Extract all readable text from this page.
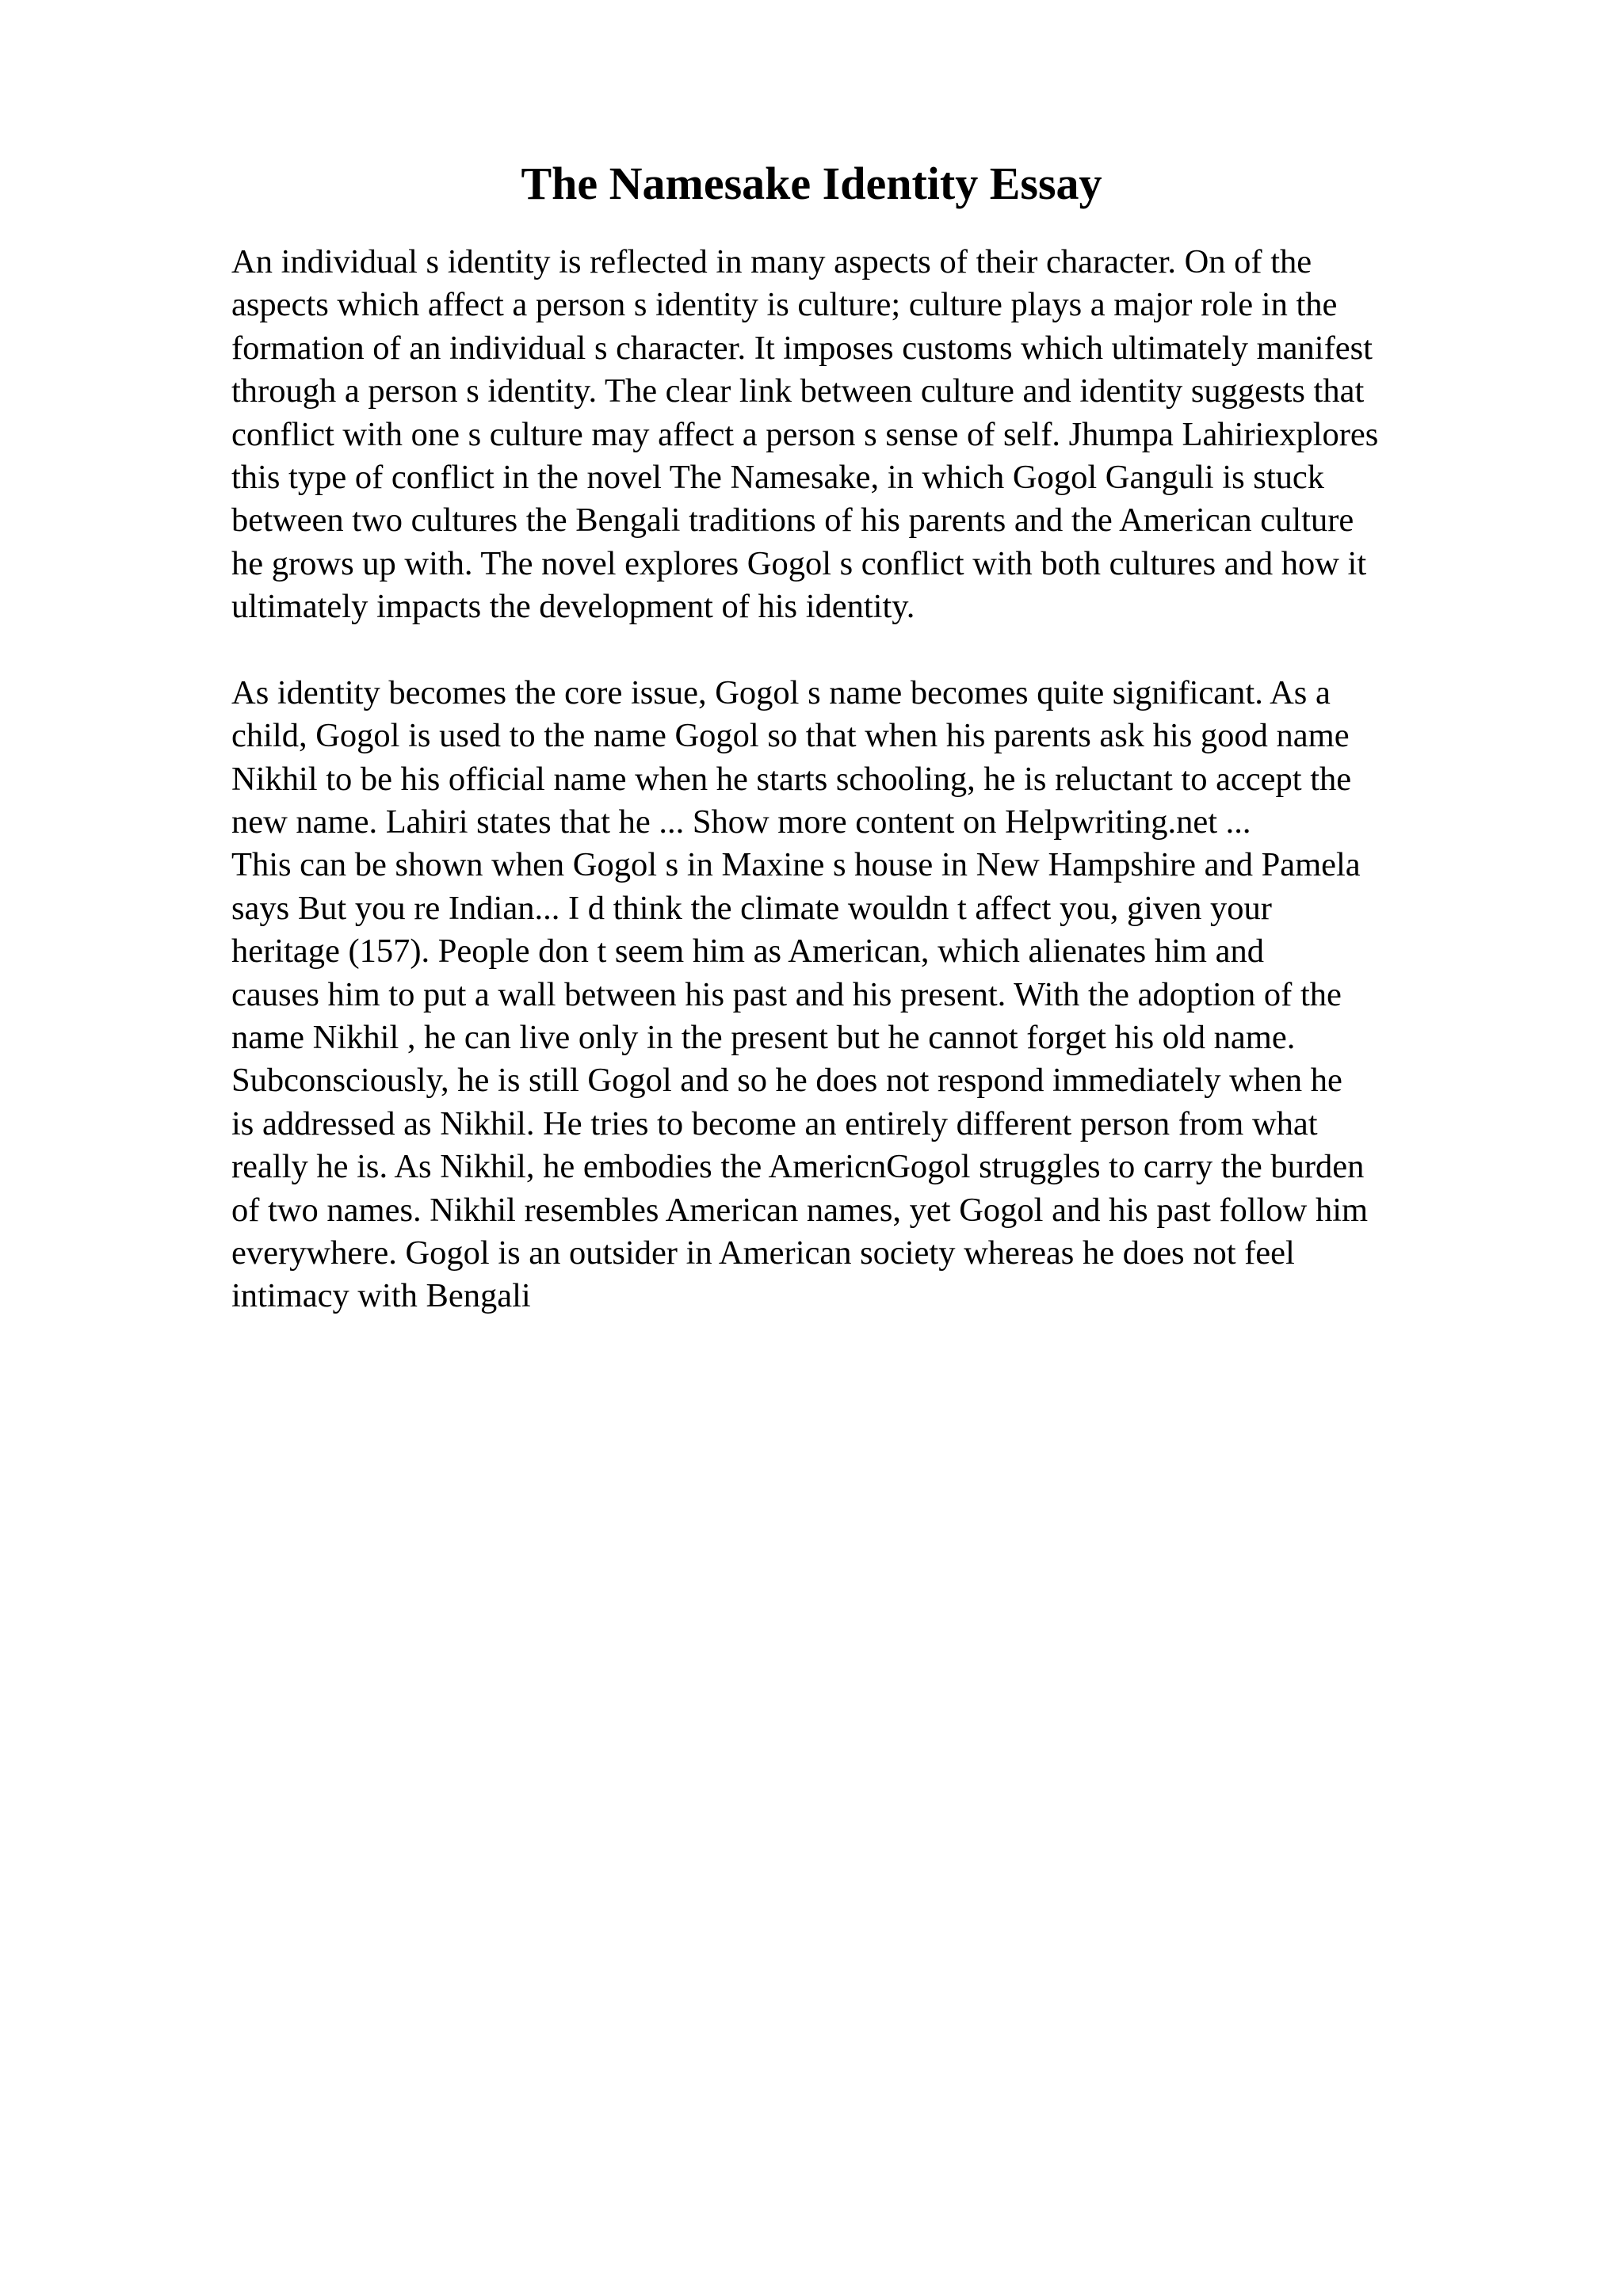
The Namesake Identity Essay
An individual s identity is reflected in many aspects of their character. On of the
aspects which affect a person s identity is culture; culture plays a major role in the
formation of an individual s character. It imposes customs which ultimately manifest
through a person s identity. The clear link between culture and identity suggests that
conflict with one s culture may affect a person s sense of self. Jhumpa Lahiriexplores
this type of conflict in the novel The Namesake, in which Gogol Ganguli is stuck
between two cultures the Bengali traditions of his parents and the American culture
he grows up with. The novel explores Gogol s conflict with both cultures and how it
ultimately impacts the development of his identity.
As identity becomes the core issue, Gogol s name becomes quite significant. As a
child, Gogol is used to the name Gogol so that when his parents ask his good name
Nikhil to be his official name when he starts schooling, he is reluctant to accept the
new name. Lahiri states that he ... Show more content on Helpwriting.net ...
This can be shown when Gogol s in Maxine s house in New Hampshire and Pamela
says But you re Indian... I d think the climate wouldn t affect you, given your
heritage (157). People don t seem him as American, which alienates him and
causes him to put a wall between his past and his present. With the adoption of the
name Nikhil , he can live only in the present but he cannot forget his old name.
Subconsciously, he is still Gogol and so he does not respond immediately when he
is addressed as Nikhil. He tries to become an entirely different person from what
really he is. As Nikhil, he embodies the AmericnGogol struggles to carry the burden
of two names. Nikhil resembles American names, yet Gogol and his past follow him
everywhere. Gogol is an outsider in American society whereas he does not feel
intimacy with Bengali
